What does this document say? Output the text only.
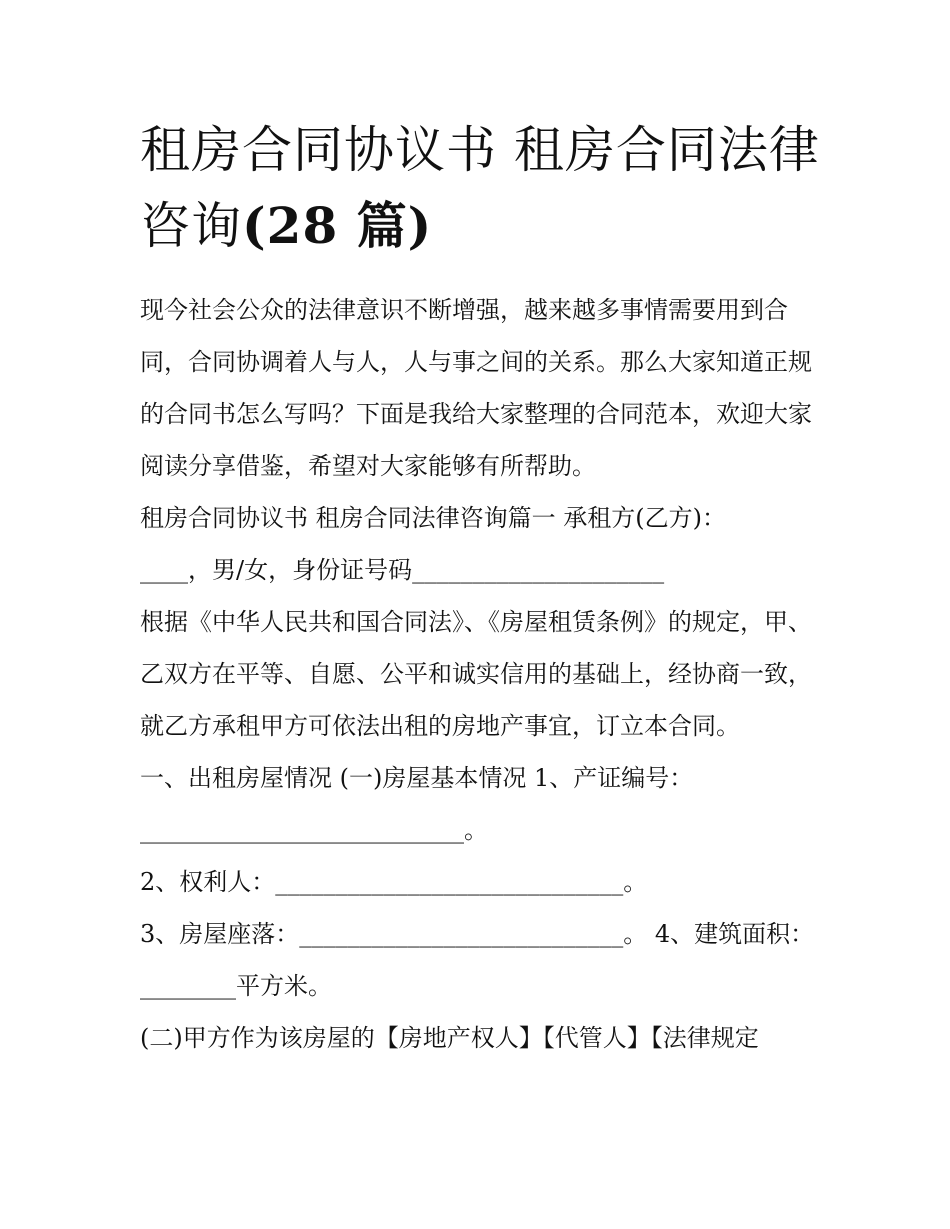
租房合同协议书 租房合同法律
咨询(28 篇)

现今社会公众的法律意识不断增强，越来越多事情需要用到合同，合同协调着人与人，人与事之间的关系。那么大家知道正规的合同书怎么写吗？下面是我给大家整理的合同范本，欢迎大家阅读分享借鉴，希望对大家能够有所帮助。

租房合同协议书 租房合同法律咨询篇一 承租方(乙方)：

____，男/女，身份证号码_____________________

根据《中华人民共和国合同法》、《房屋租赁条例》的规定，甲、乙双方在平等、自愿、公平和诚实信用的基础上，经协商一致，就乙方承租甲方可依法出租的房地产事宜，订立本合同。

一、出租房屋情况 (一)房屋基本情况 1、产证编号：

___________________________。

2、权利人：_____________________________。

3、房屋座落：___________________________。 4、建筑面积：________平方米。

(二)甲方作为该房屋的【房地产权人】【代管人】【法律规定
